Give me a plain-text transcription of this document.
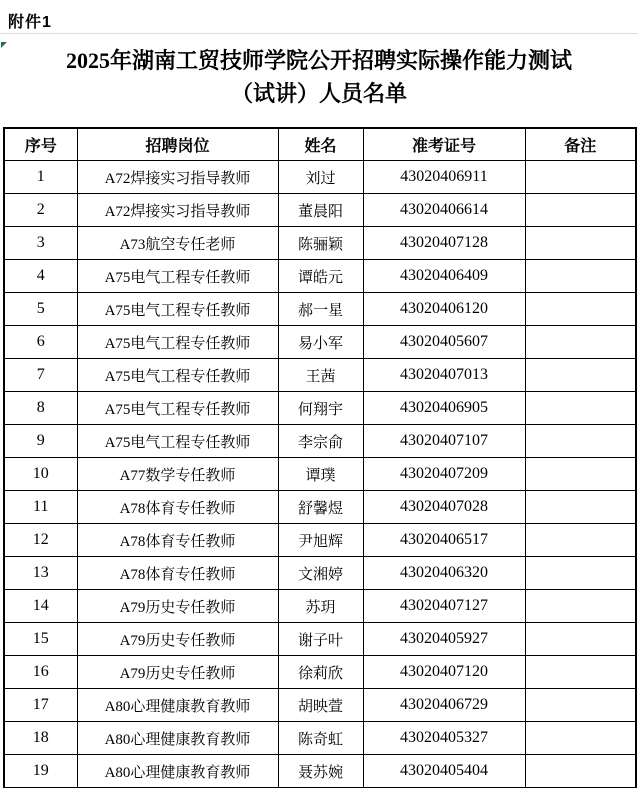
附件1
2025年湖南工贸技师学院公开招聘实际操作能力测试
（试讲）人员名单
序号	招聘岗位	姓名	准考证号	备注
1	A72焊接实习指导教师	刘过	43020406911	
2	A72焊接实习指导教师	董晨阳	43020406614	
3	A73航空专任老师	陈骊颖	43020407128	
4	A75电气工程专任教师	谭皓元	43020406409	
5	A75电气工程专任教师	郝一星	43020406120	
6	A75电气工程专任教师	易小军	43020405607	
7	A75电气工程专任教师	王茜	43020407013	
8	A75电气工程专任教师	何翔宇	43020406905	
9	A75电气工程专任教师	李宗俞	43020407107	
10	A77数学专任教师	谭璞	43020407209	
11	A78体育专任教师	舒馨煜	43020407028	
12	A78体育专任教师	尹旭辉	43020406517	
13	A78体育专任教师	文湘婷	43020406320	
14	A79历史专任教师	苏玥	43020407127	
15	A79历史专任教师	谢子叶	43020405927	
16	A79历史专任教师	徐莉欣	43020407120	
17	A80心理健康教育教师	胡映萱	43020406729	
18	A80心理健康教育教师	陈奇虹	43020405327	
19	A80心理健康教育教师	聂苏婉	43020405404	
